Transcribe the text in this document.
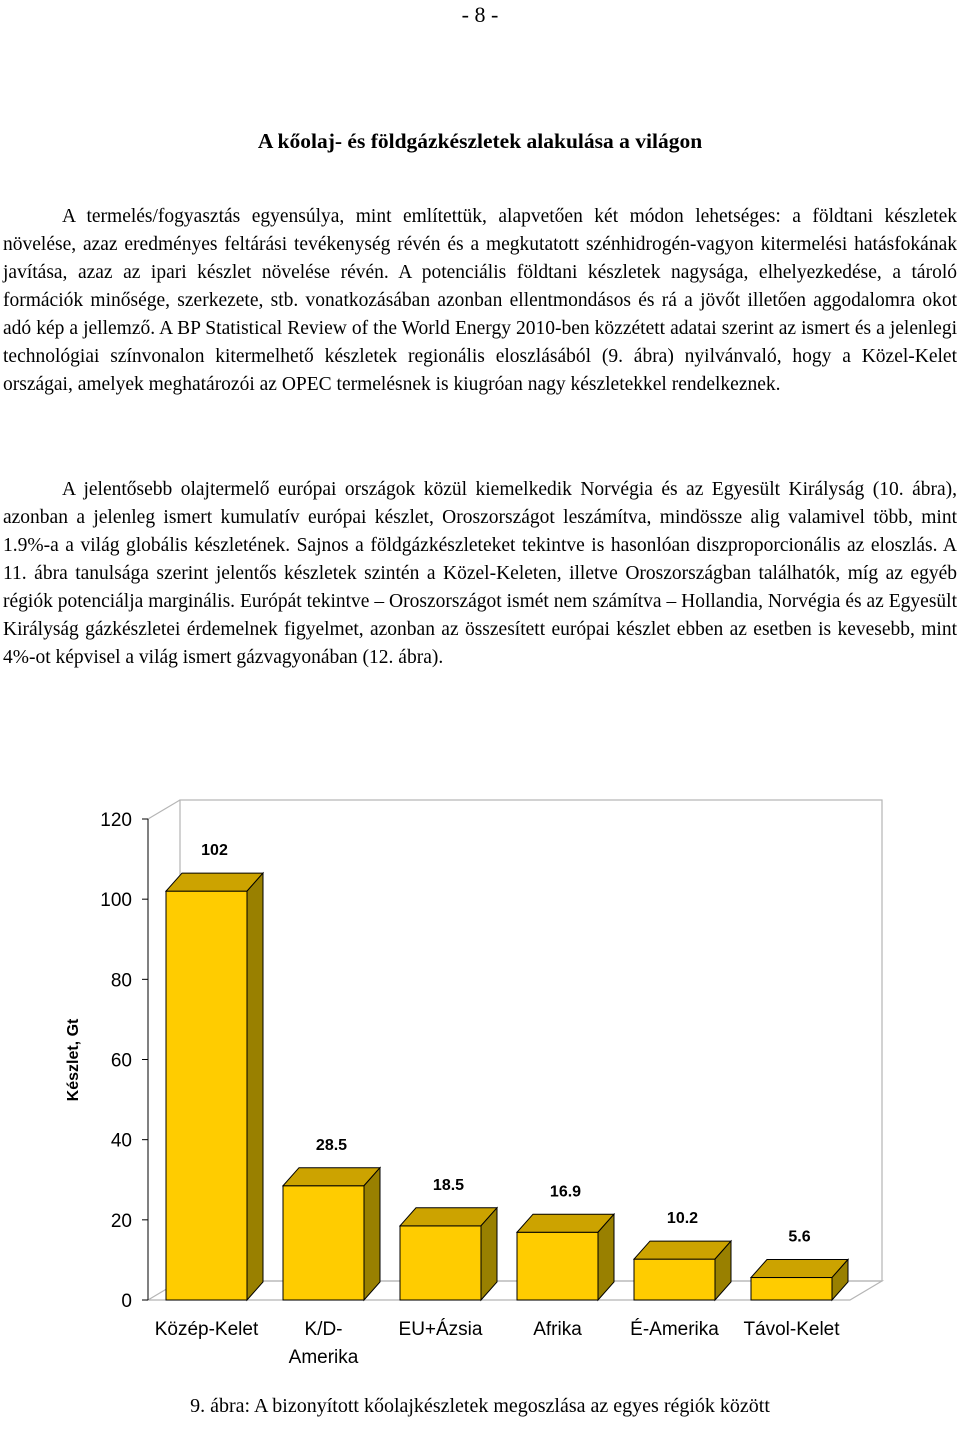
- 8 -
A kőolaj- és földgázkészletek alakulása a világon

A termelés/fogyasztás egyensúlya, mint említettük, alapvetően két módon lehetséges: a földtani készletek növelése, azaz eredményes feltárási tevékenység révén és a megkutatott szénhidrogén-vagyon kitermelési hatásfokának javítása, azaz az ipari készlet növelése révén. A potenciális földtani készletek nagysága, elhelyezkedése, a tároló formációk minősége, szerkezete, stb. vonatkozásában azonban ellentmondásos és rá a jövőt illetően aggodalomra okot adó kép a jellemző. A BP Statistical Review of the World Energy 2010-ben közzétett adatai szerint az ismert és a jelenlegi technológiai színvonalon kitermelhető készletek regionális eloszlásából (9. ábra) nyilvánvaló, hogy a Közel-Kelet országai, amelyek meghatározói az OPEC termelésnek is kiugróan nagy készletekkel rendelkeznek.

A jelentősebb olajtermelő európai országok közül kiemelkedik Norvégia és az Egyesült Királyság (10. ábra), azonban a jelenleg ismert kumulatív európai készlet, Oroszországot leszámítva, mindössze alig valamivel több, mint 1.9%-a a világ globális készletének. Sajnos a földgázkészleteket tekintve is hasonlóan diszproporcionális az eloszlás. A 11. ábra tanulsága szerint jelentős készletek szintén a Közel-Keleten, illetve Oroszországban találhatók, míg az egyéb régiók potenciálja marginális. Európát tekintve – Oroszországot ismét nem számítva – Hollandia, Norvégia és az Egyesült Királyság gázkészletei érdemelnek figyelmet, azonban az összesített európai készlet ebben az esetben is kevesebb, mint 4%-ot képvisel a világ ismert gázvagyonában (12. ábra).

0
20
40
60
80
100
120
Készlet, Gt
102
Közép-Kelet
28.5
K/D-
Amerika
18.5
EU+Ázsia
16.9
Afrika
10.2
É-Amerika
5.6
Távol-Kelet
9. ábra: A bizonyított kőolajkészletek megoszlása az egyes régiók között
